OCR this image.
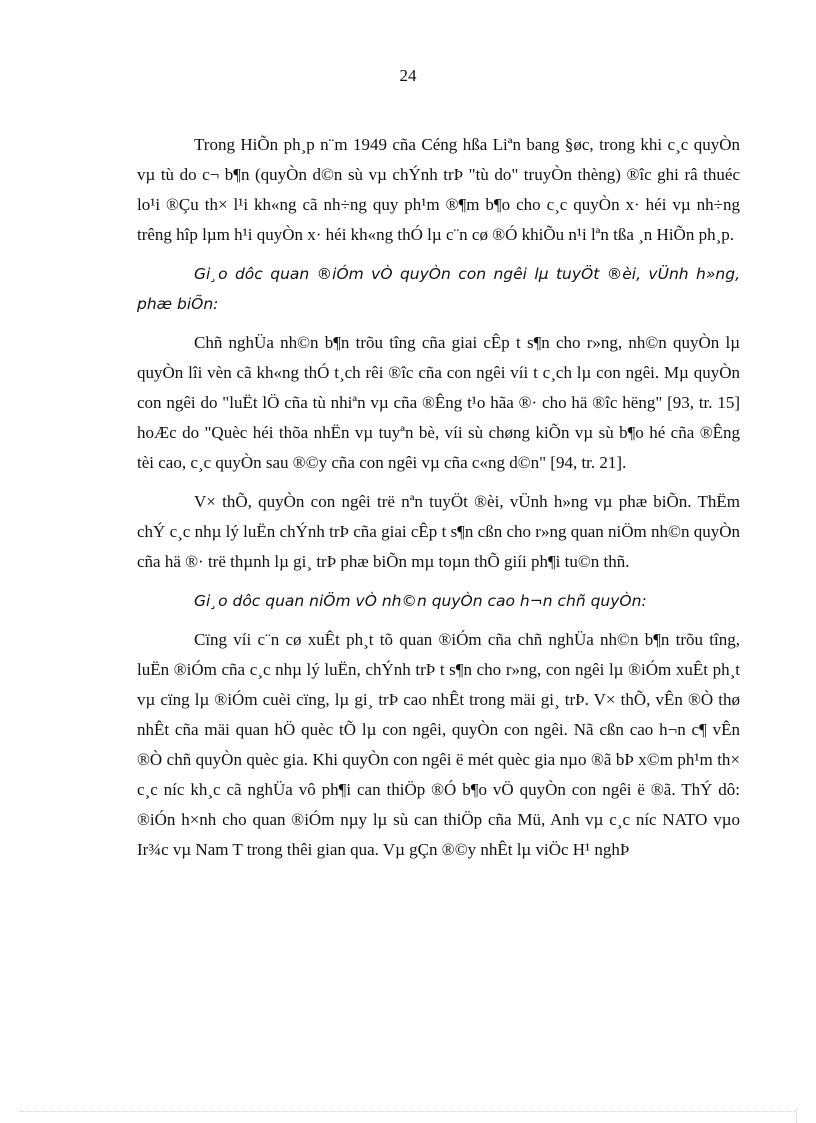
24

Trong HiÕn ph¸p n¨m 1949 cña Céng hßa Liªn bang §øc, trong khi c¸c quyÒn vµ tù do c¬ b¶n (quyÒn d©n sù vµ chÝnh trÞ "tù do" truyÒn thèng) ®îc ghi râ thuéc lo¹i ®Çu th× l¹i kh«ng cã nh÷ng quy ph¹m ®¶m b¶o cho c¸c quyÒn x· héi vµ nh÷ng trêng hîp lµm h¹i quyÒn x· héi kh«ng thÓ lµ c¨n cø ®Ó khiÕu n¹i lªn tßa ¸n HiÕn ph¸p.

Gi¸o dôc quan ®iÓm vÒ quyÒn con ngêi lµ tuyÖt ®èi, vÜnh h»ng, phæ biÕn:

Chñ nghÜa nh©n b¶n trõu tîng cña giai cÊp t s¶n cho r»ng, nh©n quyÒn lµ quyÒn lîi vèn cã kh«ng thÓ t¸ch rêi ®îc cña con ngêi víi t c¸ch lµ con ngêi. Mµ quyÒn con ngêi do "luËt lÖ cña tù nhiªn vµ cña ®Êng t¹o hãa ®· cho hä ®îc hëng" [93, tr. 15] hoÆc do "Quèc héi thõa nhËn vµ tuyªn bè, víi sù chøng kiÕn vµ sù b¶o hé cña ®Êng tèi cao, c¸c quyÒn sau ®©y cña con ngêi vµ cña c«ng d©n" [94, tr. 21].

V× thÕ, quyÒn con ngêi trë nªn tuyÖt ®èi, vÜnh h»ng vµ phæ biÕn. ThËm chÝ c¸c nhµ lý luËn chÝnh trÞ cña giai cÊp t s¶n cßn cho r»ng quan niÖm nh©n quyÒn cña hä ®· trë thµnh lµ gi¸ trÞ phæ biÕn mµ toµn thÕ giíi ph¶i tu©n thñ.

Gi¸o dôc quan niÖm vÒ nh©n quyÒn cao h¬n chñ quyÒn:

Cïng víi c¨n cø xuÊt ph¸t tõ quan ®iÓm cña chñ nghÜa nh©n b¶n trõu tîng, luËn ®iÓm cña c¸c nhµ lý luËn, chÝnh trÞ t s¶n cho r»ng, con ngêi lµ ®iÓm xuÊt ph¸t vµ cïng lµ ®iÓm cuèi cïng, lµ gi¸ trÞ cao nhÊt trong mäi gi¸ trÞ. V× thÕ, vÊn ®Ò thø nhÊt cña mäi quan hÖ quèc tÕ lµ con ngêi, quyÒn con ngêi. Nã cßn cao h¬n c¶ vÊn ®Ò chñ quyÒn quèc gia. Khi quyÒn con ngêi ë mét quèc gia nµo ®ã bÞ x©m ph¹m th× c¸c níc kh¸c cã nghÜa vô ph¶i can thiÖp ®Ó b¶o vÖ quyÒn con ngêi ë ®ã. ThÝ dô: ®iÓn h×nh cho quan ®iÓm nµy lµ sù can thiÖp cña Mü, Anh vµ c¸c níc NATO vµo Ir¾c vµ Nam T trong thêi gian qua. Vµ gÇn ®©y nhÊt lµ viÖc H¹ nghÞ
